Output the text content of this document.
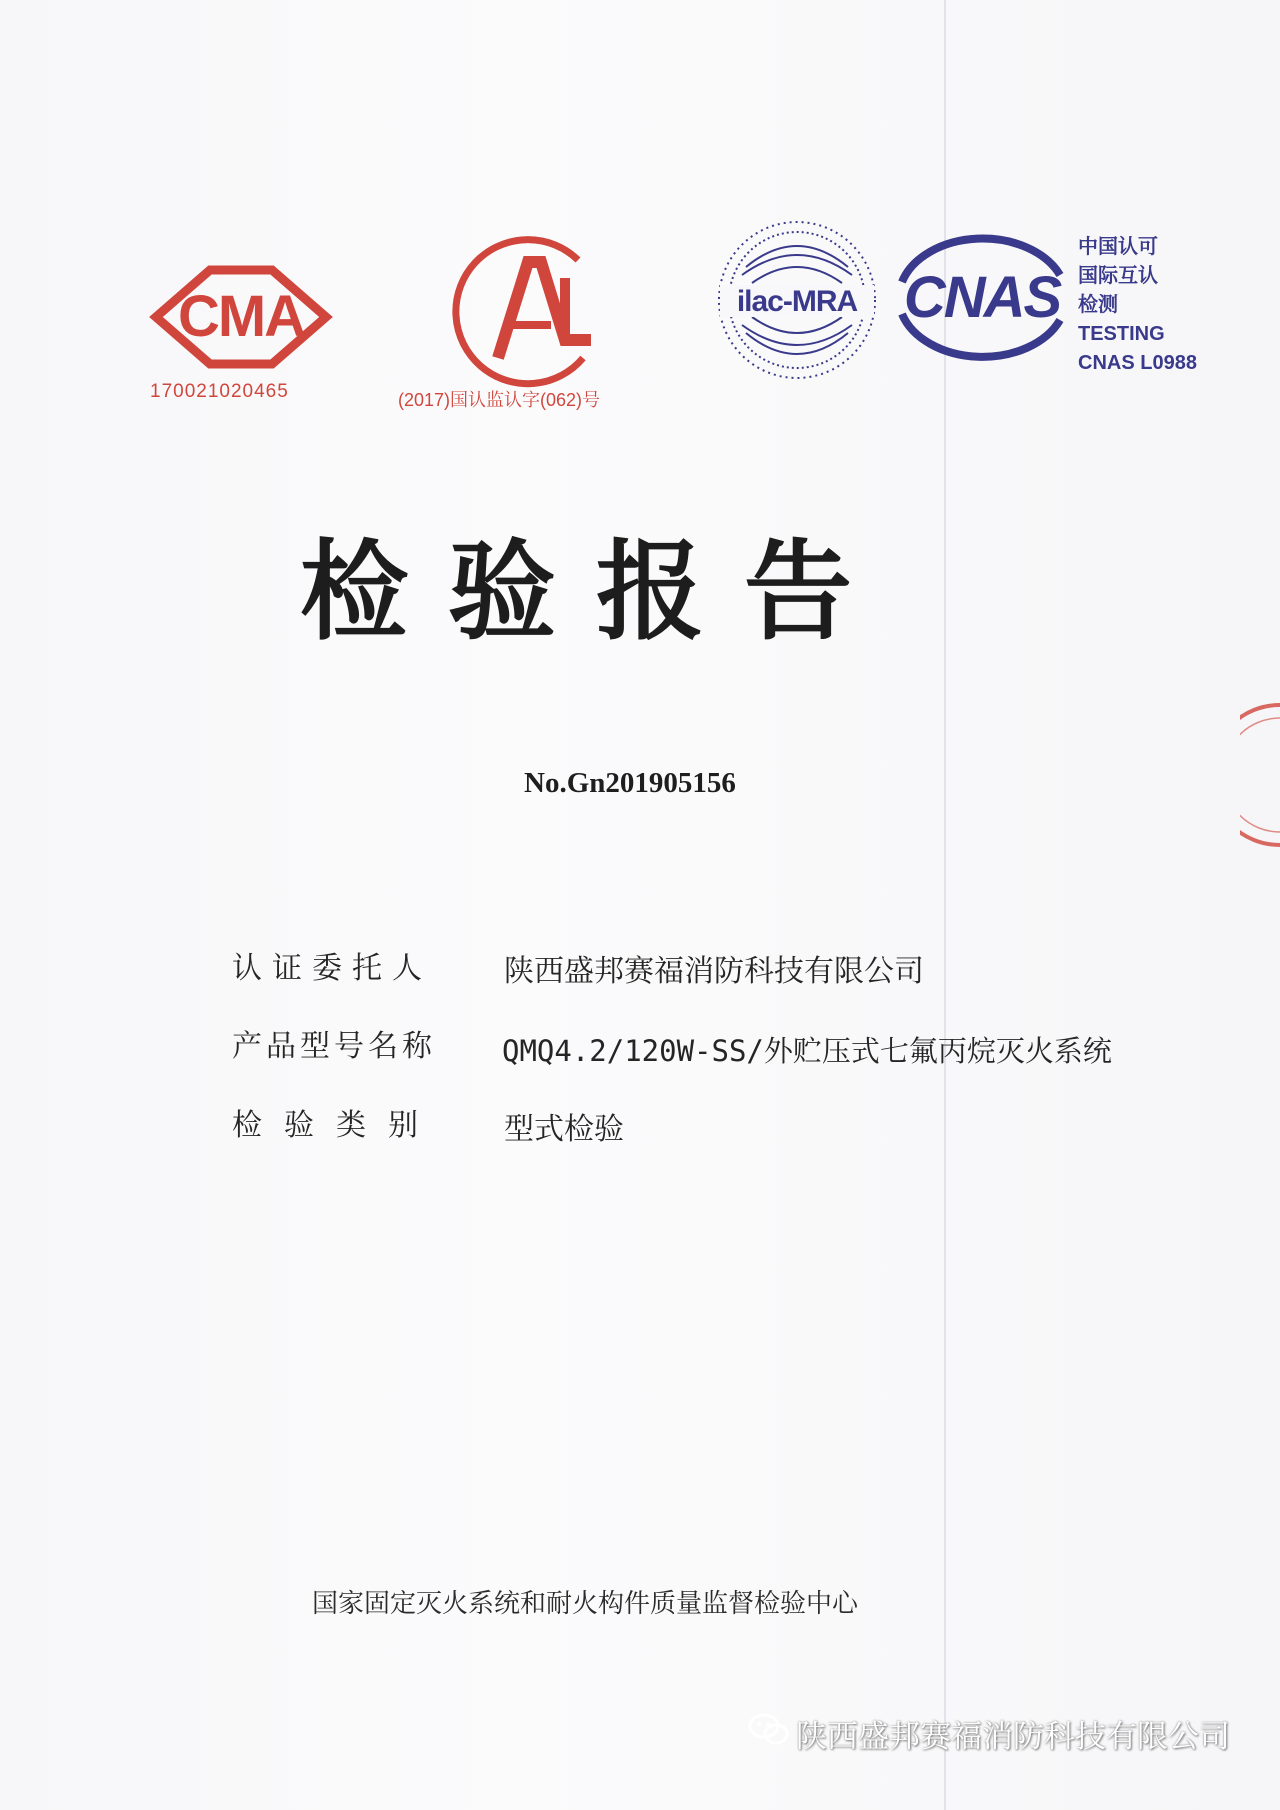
CMA
170021020465	(2017)国认监认字(062)号
ilac-MRA CNAS
中国认可
国际互认
检测
TESTING
CNAS L0988
检验报告
No.Gn201905156
认证委托人 陕西盛邦赛福消防科技有限公司
产品型号名称 QMQ4.2/120W-SS/外贮压式七氟丙烷灭火系统
检验类别 型式检验
国家固定灭火系统和耐火构件质量监督检验中心
陕西盛邦赛福消防科技有限公司
